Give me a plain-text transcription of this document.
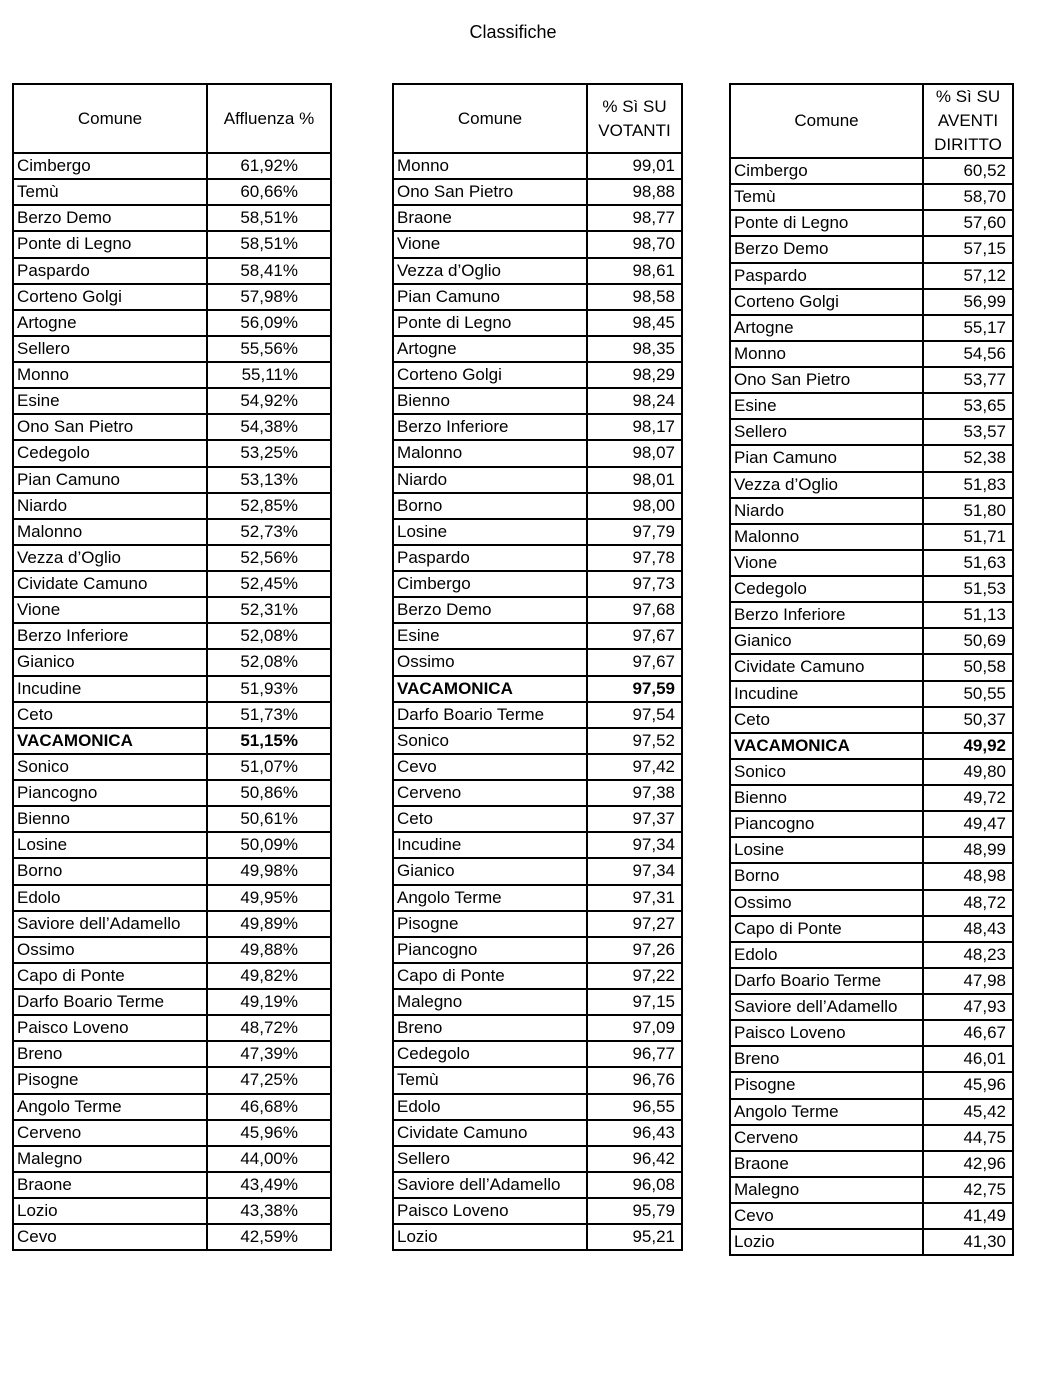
Classifiche
Comune	Affluenza %
Cimbergo	61,92%
Temù	60,66%
Berzo Demo	58,51%
Ponte di Legno	58,51%
Paspardo	58,41%
Corteno Golgi	57,98%
Artogne	56,09%
Sellero	55,56%
Monno	55,11%
Esine	54,92%
Ono San Pietro	54,38%
Cedegolo	53,25%
Pian Camuno	53,13%
Niardo	52,85%
Malonno	52,73%
Vezza d’Oglio	52,56%
Cividate Camuno	52,45%
Vione	52,31%
Berzo Inferiore	52,08%
Gianico	52,08%
Incudine	51,93%
Ceto	51,73%
VACAMONICA	51,15%
Sonico	51,07%
Piancogno	50,86%
Bienno	50,61%
Losine	50,09%
Borno	49,98%
Edolo	49,95%
Saviore dell’Adamello	49,89%
Ossimo	49,88%
Capo di Ponte	49,82%
Darfo Boario Terme	49,19%
Paisco Loveno	48,72%
Breno	47,39%
Pisogne	47,25%
Angolo Terme	46,68%
Cerveno	45,96%
Malegno	44,00%
Braone	43,49%
Lozio	43,38%
Cevo	42,59%
Comune	% Sì SU VOTANTI
Monno	99,01
Ono San Pietro	98,88
Braone	98,77
Vione	98,70
Vezza d’Oglio	98,61
Pian Camuno	98,58
Ponte di Legno	98,45
Artogne	98,35
Corteno Golgi	98,29
Bienno	98,24
Berzo Inferiore	98,17
Malonno	98,07
Niardo	98,01
Borno	98,00
Losine	97,79
Paspardo	97,78
Cimbergo	97,73
Berzo Demo	97,68
Esine	97,67
Ossimo	97,67
VACAMONICA	97,59
Darfo Boario Terme	97,54
Sonico	97,52
Cevo	97,42
Cerveno	97,38
Ceto	97,37
Incudine	97,34
Gianico	97,34
Angolo Terme	97,31
Pisogne	97,27
Piancogno	97,26
Capo di Ponte	97,22
Malegno	97,15
Breno	97,09
Cedegolo	96,77
Temù	96,76
Edolo	96,55
Cividate Camuno	96,43
Sellero	96,42
Saviore dell’Adamello	96,08
Paisco Loveno	95,79
Lozio	95,21
Comune	% Sì SU AVENTI DIRITTO
Cimbergo	60,52
Temù	58,70
Ponte di Legno	57,60
Berzo Demo	57,15
Paspardo	57,12
Corteno Golgi	56,99
Artogne	55,17
Monno	54,56
Ono San Pietro	53,77
Esine	53,65
Sellero	53,57
Pian Camuno	52,38
Vezza d’Oglio	51,83
Niardo	51,80
Malonno	51,71
Vione	51,63
Cedegolo	51,53
Berzo Inferiore	51,13
Gianico	50,69
Cividate Camuno	50,58
Incudine	50,55
Ceto	50,37
VACAMONICA	49,92
Sonico	49,80
Bienno	49,72
Piancogno	49,47
Losine	48,99
Borno	48,98
Ossimo	48,72
Capo di Ponte	48,43
Edolo	48,23
Darfo Boario Terme	47,98
Saviore dell’Adamello	47,93
Paisco Loveno	46,67
Breno	46,01
Pisogne	45,96
Angolo Terme	45,42
Cerveno	44,75
Braone	42,96
Malegno	42,75
Cevo	41,49
Lozio	41,30
